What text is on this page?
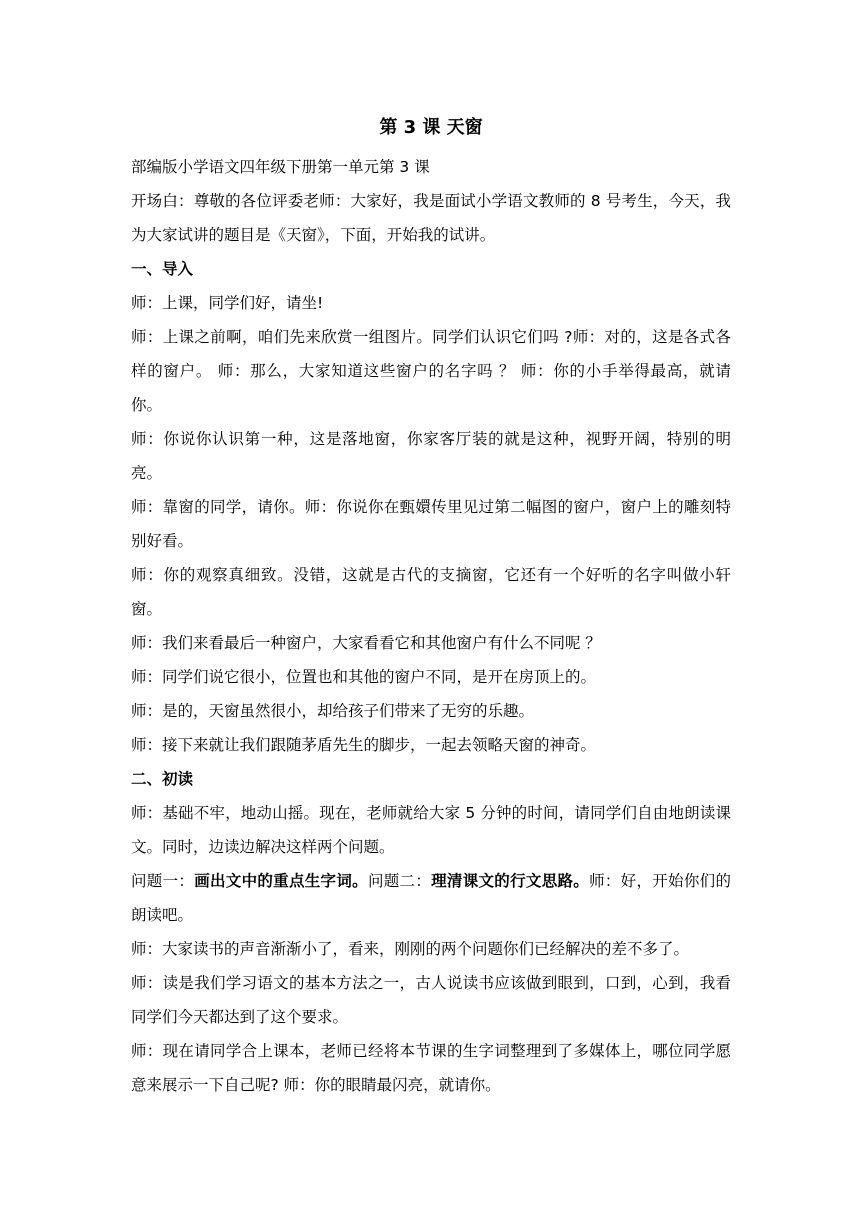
第 3 课 天窗

部编版小学语文四年级下册第一单元第 3 课

开场白：尊敬的各位评委老师：大家好，我是面试小学语文教师的 8 号考生，今天，我为大家试讲的题目是《天窗》，下面，开始我的试讲。

一、导入

师：上课，同学们好，请坐!

师：上课之前啊，咱们先来欣赏一组图片。同学们认识它们吗 ?师：对的，这是各式各样的窗户。 师：那么，大家知道这些窗户的名字吗 ？ 师：你的小手举得最高，就请你。

师：你说你认识第一种，这是落地窗，你家客厅装的就是这种，视野开阔，特别的明亮。

师：靠窗的同学，请你。师：你说你在甄嬛传里见过第二幅图的窗户，窗户上的雕刻特别好看。

师：你的观察真细致。没错，这就是古代的支摘窗，它还有一个好听的名字叫做小轩窗。

师：我们来看最后一种窗户，大家看看它和其他窗户有什么不同呢 ？

师：同学们说它很小，位置也和其他的窗户不同，是开在房顶上的。

师：是的，天窗虽然很小，却给孩子们带来了无穷的乐趣。

师：接下来就让我们跟随茅盾先生的脚步，一起去领略天窗的神奇。

二、初读

师：基础不牢，地动山摇。现在，老师就给大家 5 分钟的时间，请同学们自由地朗读课文。同时，边读边解决这样两个问题。

问题一：画出文中的重点生字词。问题二：理清课文的行文思路。师：好，开始你们的朗读吧。

师：大家读书的声音渐渐小了，看来，刚刚的两个问题你们已经解决的差不多了。

师：读是我们学习语文的基本方法之一，古人说读书应该做到眼到，口到，心到，我看同学们今天都达到了这个要求。

师：现在请同学合上课本，老师已经将本节课的生字词整理到了多媒体上，哪位同学愿意来展示一下自己呢? 师：你的眼睛最闪亮，就请你。
